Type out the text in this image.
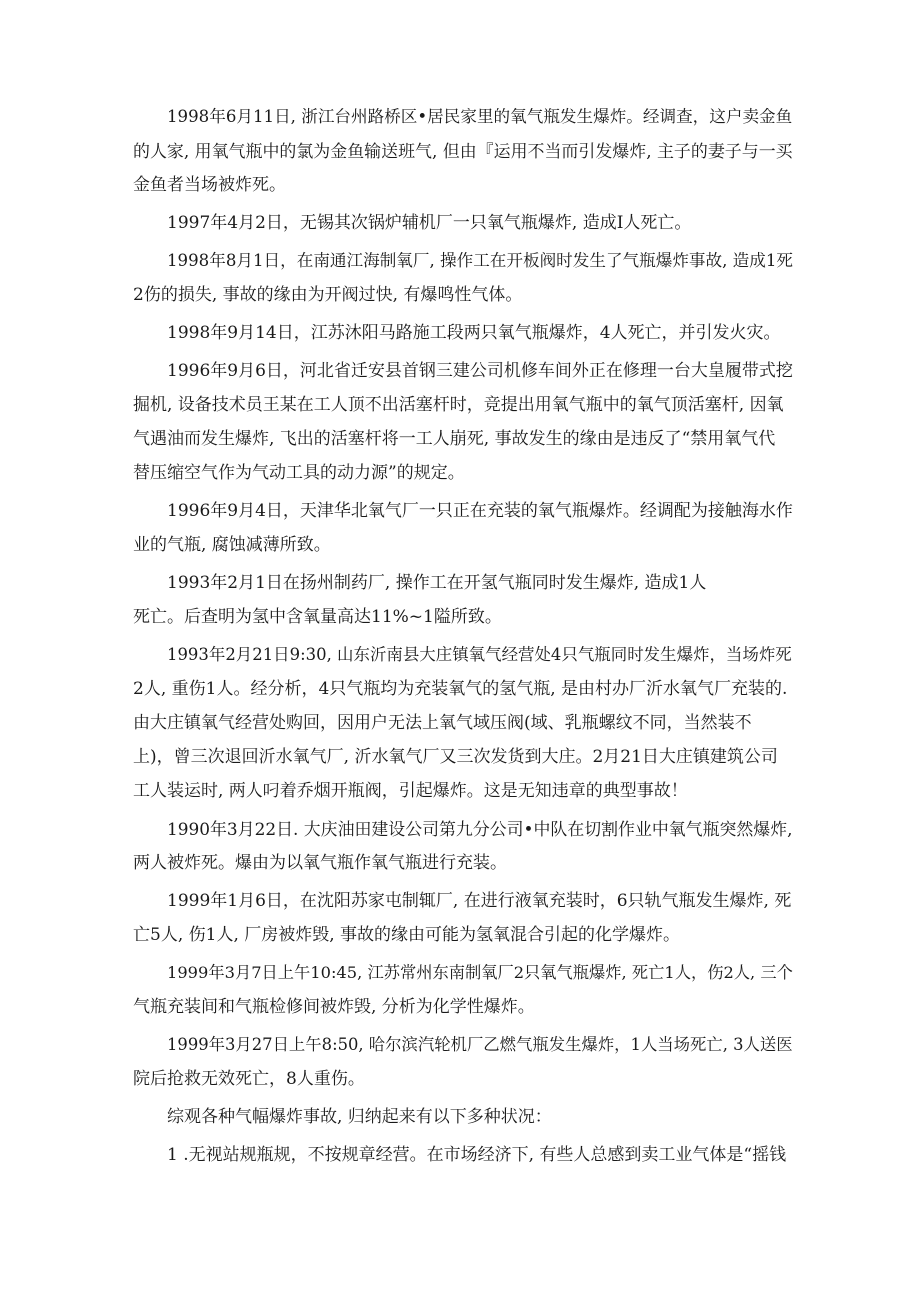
1998年6月11日, 浙江台州路桥区•居民家里的氧气瓶发生爆炸。经调查，这户卖金鱼
的人家, 用氧气瓶中的氯为金鱼输送班气, 但由『运用不当而引发爆炸, 主子的妻子与一买
金鱼者当场被炸死。
1997年4月2日，无锡其次锅炉辅机厂一只氧气瓶爆炸, 造成I人死亡。
1998年8月1日，在南通江海制氧厂, 操作工在开板阀时发生了气瓶爆炸事故, 造成1死
2伤的损失, 事故的缘由为开阀过快, 有爆鸣性气体。
1998年9月14日，江苏沐阳马路施工段两只氧气瓶爆炸，4人死亡，并引发火灾。
1996年9月6日，河北省迁安县首钢三建公司机修车间外正在修理一台大皇履带式挖
掘机, 设备技术员王某在工人顶不出活塞杆时，竞提出用氧气瓶中的氧气顶活塞杆, 因氧
气遇油而发生爆炸, 飞出的活塞杆将一工人崩死, 事故发生的缘由是违反了“禁用氧气代
替压缩空气作为气动工具的动力源”的规定。
1996年9月4日，天津华北氧气厂一只正在充装的氧气瓶爆炸。经调配为接触海水作
业的气瓶, 腐蚀减薄所致。
1993年2月1日在扬州制药厂, 操作工在开氢气瓶同时发生爆炸, 造成1人
死亡。后查明为氢中含氧量高达11%~1隘所致。
1993年2月21日9:30, 山东沂南县大庄镇氧气经营处4只气瓶同时发生爆炸，当场炸死
2人, 重伤1人。经分析，4只气瓶均为充装氧气的氢气瓶, 是由村办厂沂水氧气厂充装的.
由大庄镇氧气经营处购回，因用户无法上氧气域压阀(域、乳瓶螺纹不同，当然装不
上)，曾三次退回沂水氧气厂, 沂水氧气厂又三次发货到大庄。2月21日大庄镇建筑公司
工人装运时, 两人叼着乔烟开瓶阀，引起爆炸。这是无知违章的典型事故！
1990年3月22日. 大庆油田建设公司第九分公司•中队在切割作业中氧气瓶突然爆炸,
两人被炸死。爆由为以氧气瓶作氧气瓶进行充装。
1999年1月6日，在沈阳苏家屯制辄厂, 在进行液氧充装时，6只轨气瓶发生爆炸, 死
亡5人, 伤1人, 厂房被炸毁, 事故的缘由可能为氢氧混合引起的化学爆炸。
1999年3月7日上午10:45, 江苏常州东南制氧厂2只氧气瓶爆炸, 死亡1人，伤2人, 三个
气瓶充装间和气瓶检修间被炸毁, 分析为化学性爆炸。
1999年3月27日上午8:50, 哈尔滨汽轮机厂乙燃气瓶发生爆炸，1人当场死亡, 3人送医
院后抢救无效死亡，8人重伤。
综观各种气幅爆炸事故, 归纳起来有以下多种状况：
1 .无视站规瓶规，不按规章经营。在市场经济下, 有些人总感到卖工业气体是“摇钱
